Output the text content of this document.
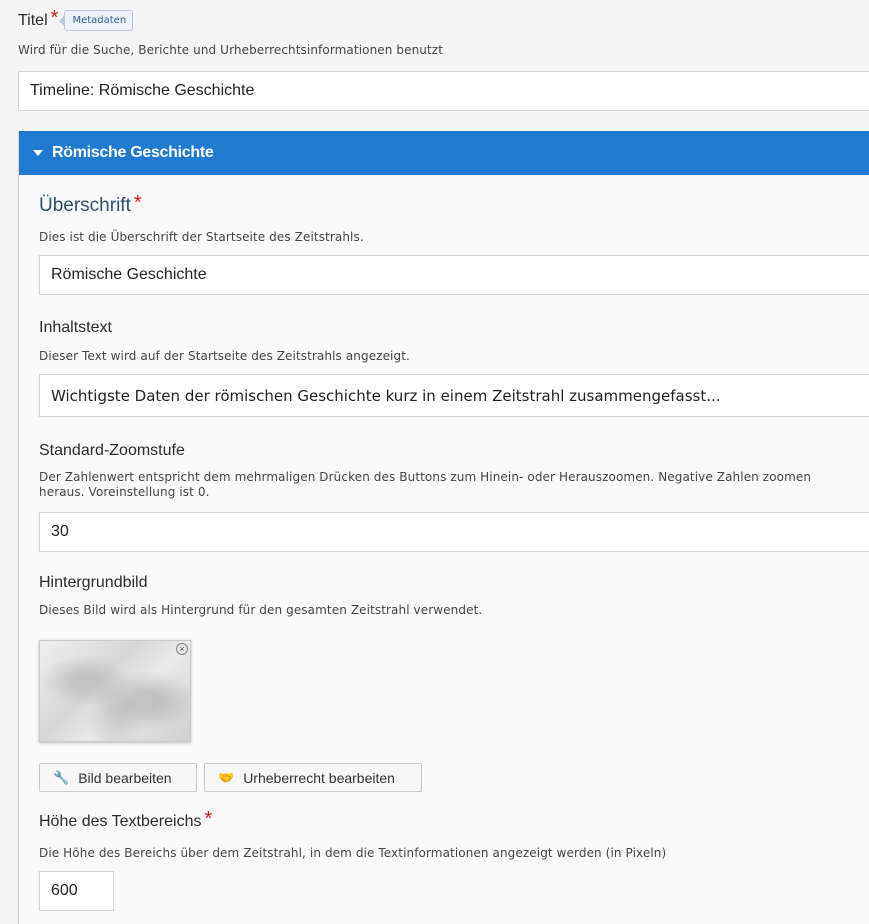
Titel *	Metadaten
Wird für die Suche, Berichte und Urheberrechtsinformationen benutzt
Timeline: Römische Geschichte
Römische Geschichte
Überschrift *
Dies ist die Überschrift der Startseite des Zeitstrahls.
Römische Geschichte
Inhaltstext
Dieser Text wird auf der Startseite des Zeitstrahls angezeigt.
Wichtigste Daten der römischen Geschichte kurz in einem Zeitstrahl zusammengefasst...
Standard-Zoomstufe
Der Zahlenwert entspricht dem mehrmaligen Drücken des Buttons zum Hinein- oder Herauszoomen. Negative Zahlen zoomen heraus. Voreinstellung ist 0.
30
Hintergrundbild
Dieses Bild wird als Hintergrund für den gesamten Zeitstrahl verwendet.
×
🔧 Bild bearbeiten	🤝 Urheberrecht bearbeiten
Höhe des Textbereichs *
Die Höhe des Bereichs über dem Zeitstrahl, in dem die Textinformationen angezeigt werden (in Pixeln)
600
